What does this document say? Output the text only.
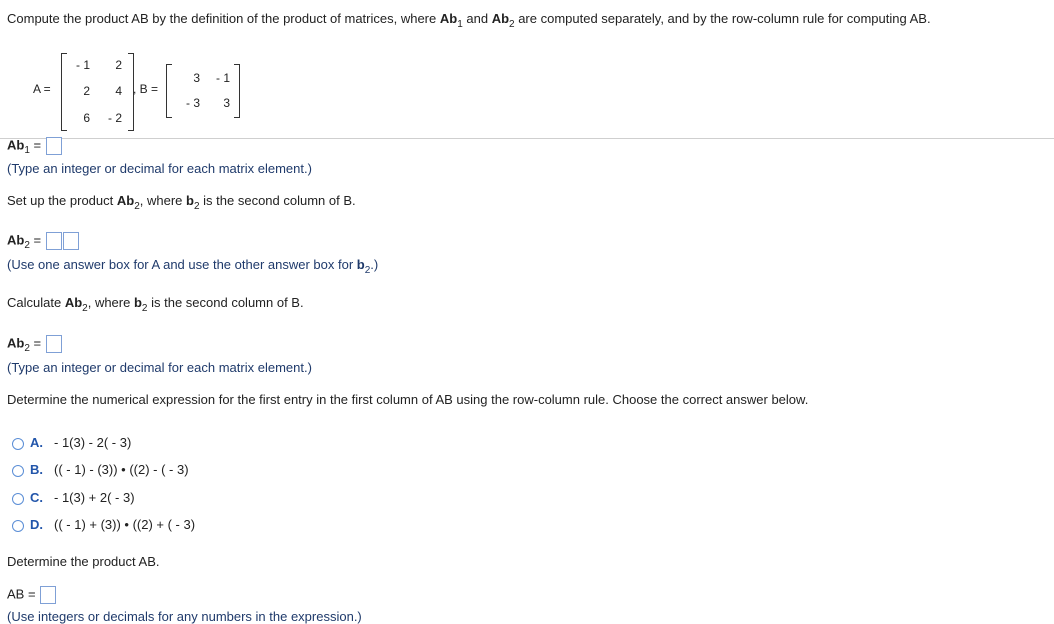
Compute the product AB by the definition of the product of matrices, where $Ab_1$ and $Ab_2$ are computed separately, and by the row-column rule for computing AB.
A =
- 1	2
2	4
6	- 2
, B =
3	- 1
- 3	3
$Ab_1$ =
(Type an integer or decimal for each matrix element.)
Set up the product $Ab_2$, where $b_2$ is the second column of B.
$Ab_2$ =
(Use one answer box for A and use the other answer box for $b_2$.)
Calculate $Ab_2$, where $b_2$ is the second column of B.
$Ab_2$ =
(Type an integer or decimal for each matrix element.)
Determine the numerical expression for the first entry in the first column of AB using the row-column rule. Choose the correct answer below.
A. - 1(3) - 2( - 3)
B. (( - 1) - (3)) • ((2) - ( - 3)
C. - 1(3) + 2( - 3)
D. (( - 1) + (3)) • ((2) + ( - 3)
Determine the product AB.
AB =
(Use integers or decimals for any numbers in the expression.)
